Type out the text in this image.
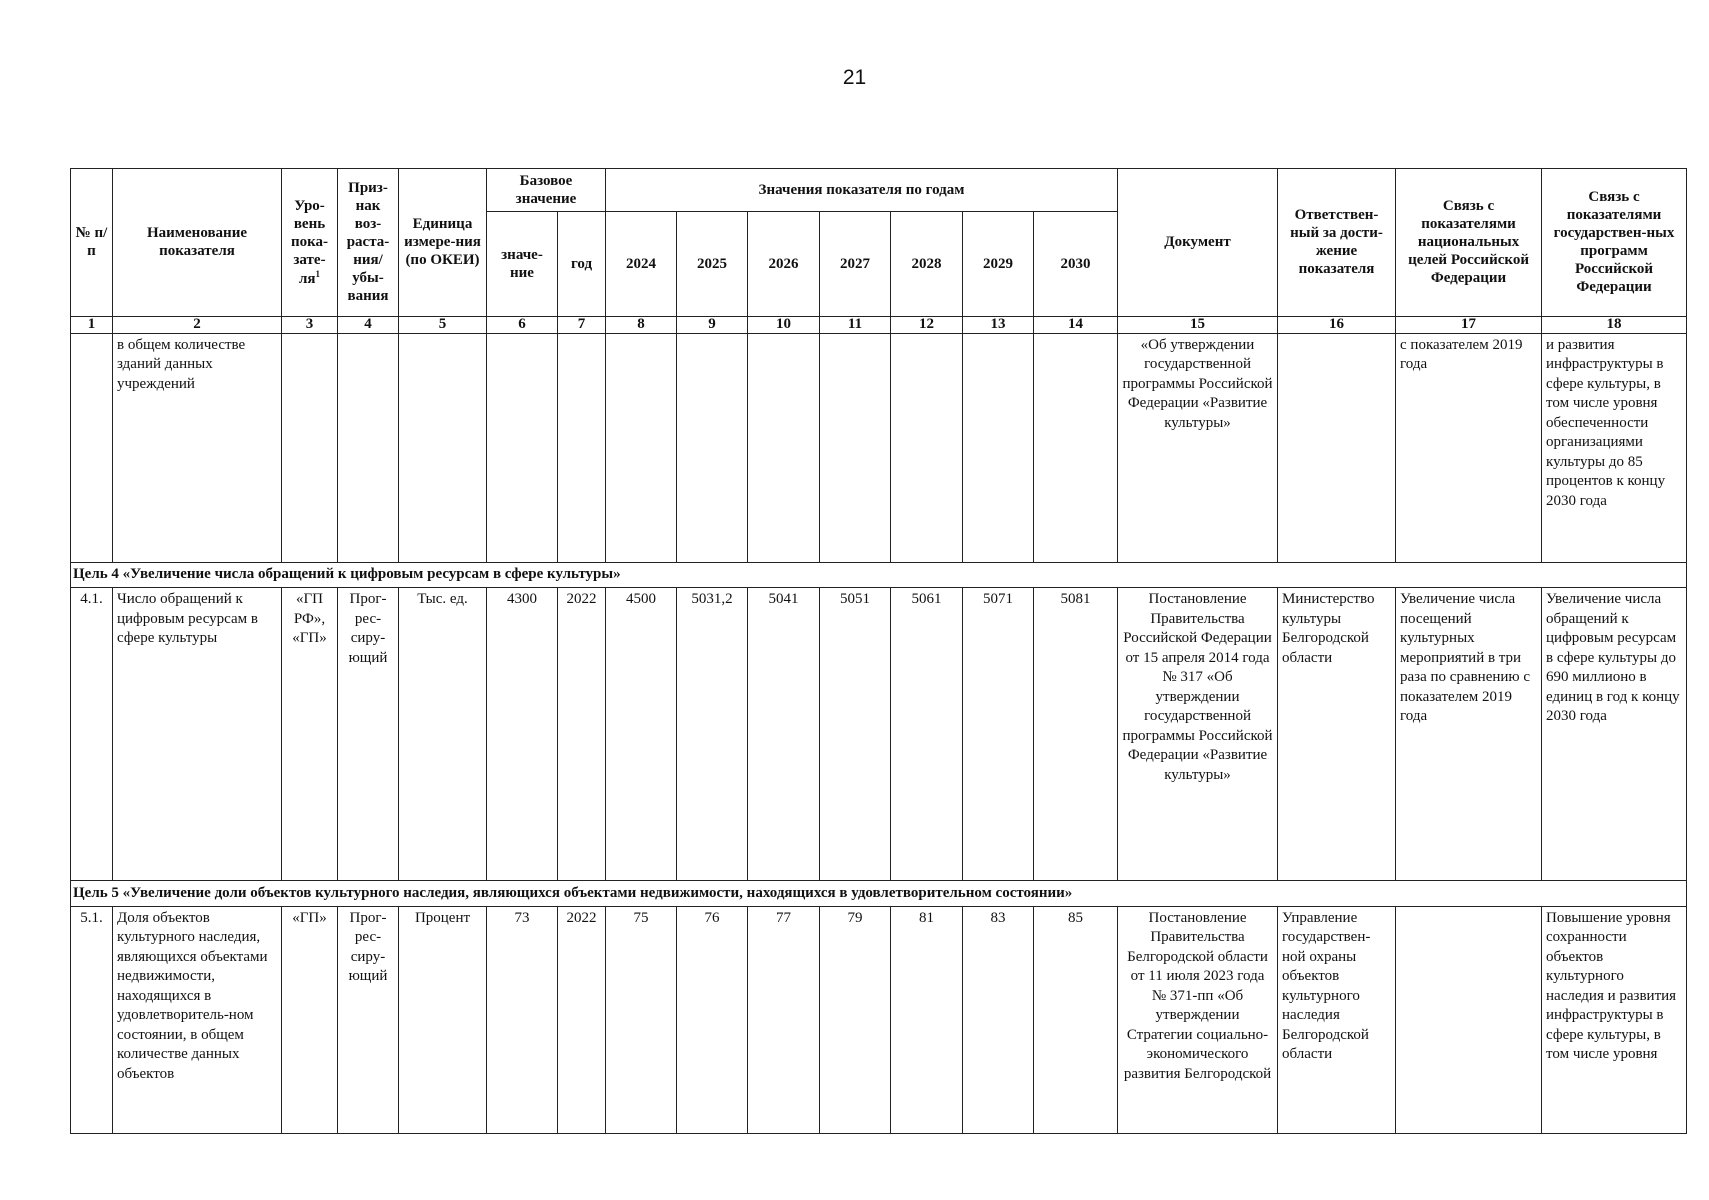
21
№ п/п	Наименование показателя	Уро-вень пока-$зате-ля^1$	Приз-нак воз-раста-ния/ убы-вания	Единица измере-ния (по ОКЕИ)	Базовое значение		Значения показателя по годам							Документ	Ответствен-ный за дости-жение показателя	Связь с показателями национальных целей Российской Федерации	Связь с показателями государствен-ных программ Российской Федерации
					значе-ние	год	2024	2025	2026	2027	2028	2029	2030				
1	2	3	4	5	6	7	8	9	10	11	12	13	14	15	16	17	18
	в общем количестве зданий данных учреждений													«Об утверждении государственной программы Российской Федерации «Развитие культуры»		с показателем 2019 года	и развития инфраструктуры в сфере культуры, в том числе уровня обеспеченности организациями культуры до 85 процентов к концу 2030 года
Цель 4 «Увеличение числа обращений к цифровым ресурсам в сфере культуры»																	
4.1.	Число обращений к цифровым ресурсам в сфере культуры	«ГП РФ», «ГП»	Прог-рес-сиру-ющий	Тыс. ед.	4300	2022	4500	5031,2	5041	5051	5061	5071	5081	Постановление Правительства Российской Федерации от 15 апреля 2014 года № 317 «Об утверждении государственной программы Российской Федерации «Развитие культуры»	Министерство культуры Белгородской области	Увеличение числа посещений культурных мероприятий в три раза по сравнению с показателем 2019 года	Увеличение числа обращений к цифровым ресурсам в сфере культуры до 690 миллионо в единиц в год к концу 2030 года
Цель 5 «Увеличение доли объектов культурного наследия, являющихся объектами недвижимости, находящихся в удовлетворительном состоянии»																	
5.1.	Доля объектов культурного наследия, являющихся объектами недвижимости, находящихся в удовлетворитель-ном состоянии, в общем количестве данных объектов	«ГП»	Прог-рес-сиру-ющий	Процент	73	2022	75	76	77	79	81	83	85	Постановление Правительства Белгородской области от 11 июля 2023 года № 371-пп «Об утверждении Стратегии социально-экономического развития Белгородской	Управление государствен-ной охраны объектов культурного наследия Белгородской области		Повышение уровня сохранности объектов культурного наследия и развития инфраструктуры в сфере культуры, в том числе уровня
